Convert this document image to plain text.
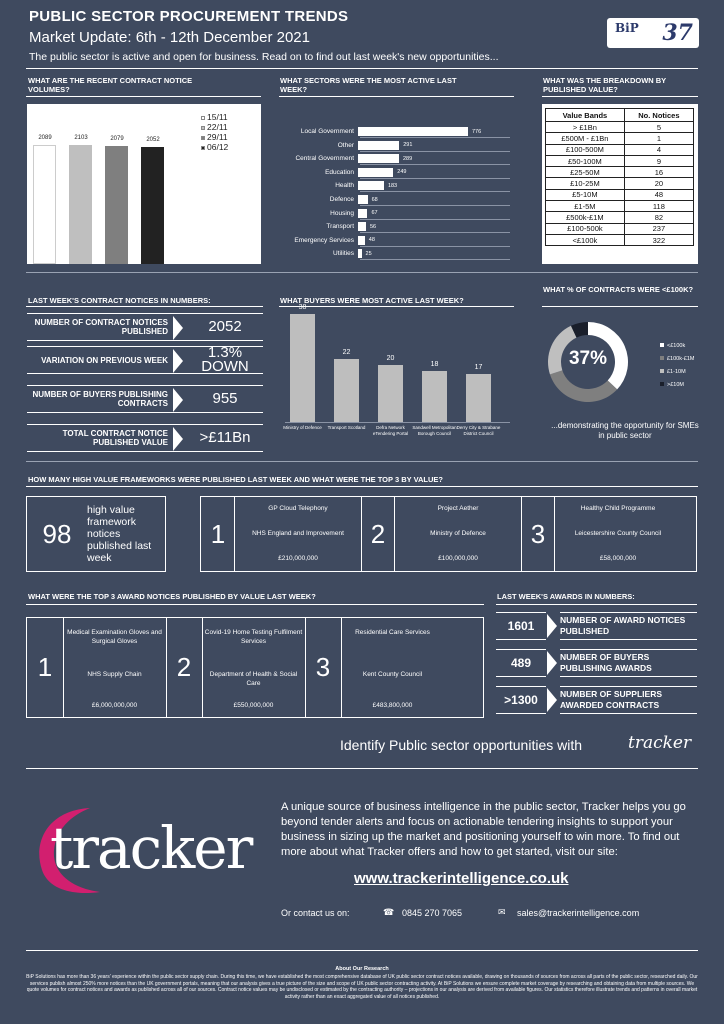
PUBLIC SECTOR PROCUREMENT TRENDS
Market Update: 6th - 12th December 2021
The public sector is active and open for business. Read on to find out last week's new opportunities...
BiP 37
WHAT ARE THE RECENT CONTRACT NOTICE VOLUMES?
2089	2103	2079	2052
15/11
22/11
29/11
06/12
WHAT SECTORS WERE THE MOST ACTIVE LAST WEEK?
Local Government	776
Other	291
Central Government	289
Education	249
Health	183
Defence	68
Housing	67
Transport	56
Emergency Services	48
Utilities	25
WHAT WAS THE BREAKDOWN BY PUBLISHED VALUE?
Value Bands	No. Notices
> £1Bn	5
£500M - £1Bn	1
£100-500M	4
£50-100M	9
£25-50M	16
£10-25M	20
£5-10M	48
£1-5M	118
£500k-£1M	82
£100-500k	237
<£100k	322
LAST WEEK'S CONTRACT NOTICES IN NUMBERS:
NUMBER OF CONTRACT NOTICES PUBLISHED	2052
VARIATION ON PREVIOUS WEEK	1.3% DOWN
NUMBER OF BUYERS PUBLISHING CONTRACTS	955
TOTAL CONTRACT NOTICE PUBLISHED VALUE	>£11Bn
WHAT BUYERS WERE MOST ACTIVE LAST WEEK?
38
Ministry of Defence
22
Transport Scotland
20
Defra Network eTendering Portal
18
Sandwell Metropolitan Borough Council
17
Derry City & Strabane District Council
WHAT % OF CONTRACTS WERE <£100K?
37%
<£100k
£100k-£1M
£1-10M
>£10M
...demonstrating the opportunity for SMEs in public sector
HOW MANY HIGH VALUE FRAMEWORKS WERE PUBLISHED LAST WEEK AND WHAT WERE THE TOP 3 BY VALUE?
98
high value framework notices published last week
1
GP Cloud Telephony
NHS England and Improvement
£210,000,000
2
Project Aether
Ministry of Defence
£100,000,000
3
Healthy Child Programme
Leicestershire County Council
£58,000,000
WHAT WERE THE TOP 3 AWARD NOTICES PUBLISHED BY VALUE LAST WEEK?
1
Medical Examination Gloves and Surgical Gloves
NHS Supply Chain
£6,000,000,000
2
Covid-19 Home Testing Fulfilment Services
Department of Health & Social Care
£550,000,000
3
Residential Care Services
Kent County Council
£483,800,000
LAST WEEK'S AWARDS IN NUMBERS:
1601	NUMBER OF AWARD NOTICES PUBLISHED
489	NUMBER OF BUYERS PUBLISHING AWARDS
>1300	NUMBER OF SUPPLIERS AWARDED CONTRACTS
Identify Public sector opportunities with	tracker
tracker
A unique source of business intelligence in the public sector, Tracker helps you go beyond tender alerts and focus on actionable tendering insights to support your business in sizing up the market and positioning yourself to win more. To find out more about what Tracker offers and how to get started, visit our site:
www.trackerintelligence.co.uk
Or contact us on:	☎ 0845 270 7065	✉ sales@trackerintelligence.com
About Our Research
BiP Solutions has more than 36 years' experience within the public sector supply chain. During this time, we have established the most comprehensive database of UK public sector contract notices available, drawing on thousands of sources from across all parts of the public sector, researched daily. Our services publish almost 250% more notices than the UK government portals, meaning that our analysis gives a true picture of the size and scope of UK public sector contracting activity. At BiP Solutions we ensure complete market coverage by researching and obtaining data from multiple sources. We quote volumes for contract notices and awards as published across all of our sources. Contract notice values may be undisclosed or estimated by the contracting authority – projections in our analysis are derived from available figures. Our statistics therefore illustrate trends and patterns in overall market activity rather than an exact aggregated value of all notices published.
